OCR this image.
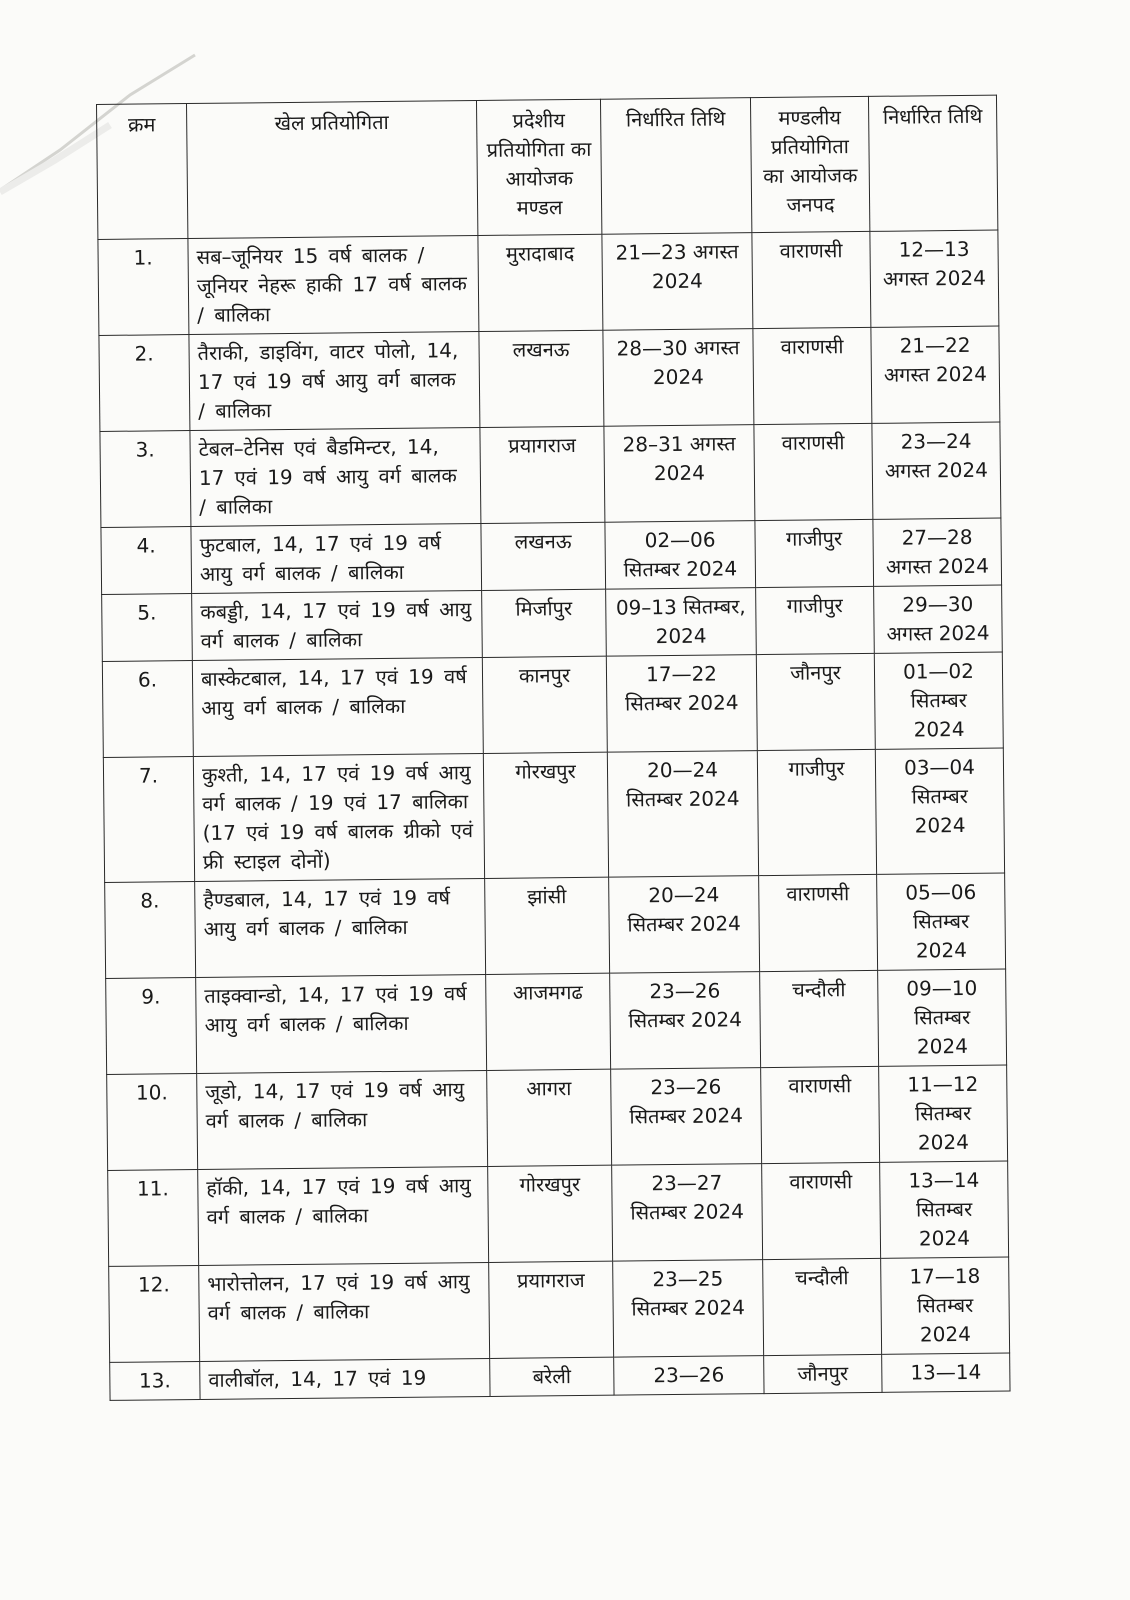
क्रम	खेल प्रतियोगिता	प्रदेशीय प्रतियोगिता का आयोजक मण्डल	निर्धारित तिथि	मण्डलीय प्रतियोगिता का आयोजक जनपद	निर्धारित तिथि
1.	सब–जूनियर 15 वर्ष बालक / जूनियर नेहरू हाकी 17 वर्ष बालक / बालिका	मुरादाबाद	21—23 अगस्त 2024	वाराणसी	12—13 अगस्त 2024
2.	तैराकी, डाइविंग, वाटर पोलो, 14, 17 एवं 19 वर्ष आयु वर्ग बालक / बालिका	लखनऊ	28—30 अगस्त 2024	वाराणसी	21—22 अगस्त 2024
3.	टेबल–टेनिस एवं बैडमिन्टर, 14, 17 एवं 19 वर्ष आयु वर्ग बालक / बालिका	प्रयागराज	28–31 अगस्त 2024	वाराणसी	23—24 अगस्त 2024
4.	फुटबाल, 14, 17 एवं 19 वर्ष आयु वर्ग बालक / बालिका	लखनऊ	02—06 सितम्बर 2024	गाजीपुर	27—28 अगस्त 2024
5.	कबड्डी, 14, 17 एवं 19 वर्ष आयु वर्ग बालक / बालिका	मिर्जापुर	09–13 सितम्बर, 2024	गाजीपुर	29—30 अगस्त 2024
6.	बास्केटबाल, 14, 17 एवं 19 वर्ष आयु वर्ग बालक / बालिका	कानपुर	17—22 सितम्बर 2024	जौनपुर	01—02 सितम्बर 2024
7.	कुश्ती, 14, 17 एवं 19 वर्ष आयु वर्ग बालक / 19 एवं 17 बालिका (17 एवं 19 वर्ष बालक ग्रीको एवं फ्री स्टाइल दोनों)	गोरखपुर	20—24 सितम्बर 2024	गाजीपुर	03—04 सितम्बर 2024
8.	हैण्डबाल, 14, 17 एवं 19 वर्ष आयु वर्ग बालक / बालिका	झांसी	20—24 सितम्बर 2024	वाराणसी	05—06 सितम्बर 2024
9.	ताइक्वान्डो, 14, 17 एवं 19 वर्ष आयु वर्ग बालक / बालिका	आजमगढ	23—26 सितम्बर 2024	चन्दौली	09—10 सितम्बर 2024
10.	जूडो, 14, 17 एवं 19 वर्ष आयु वर्ग बालक / बालिका	आगरा	23—26 सितम्बर 2024	वाराणसी	11—12 सितम्बर 2024
11.	हॉकी, 14, 17 एवं 19 वर्ष आयु वर्ग बालक / बालिका	गोरखपुर	23—27 सितम्बर 2024	वाराणसी	13—14 सितम्बर 2024
12.	भारोत्तोलन, 17 एवं 19 वर्ष आयु वर्ग बालक / बालिका	प्रयागराज	23—25 सितम्बर 2024	चन्दौली	17—18 सितम्बर 2024
13.	वालीबॉल, 14, 17 एवं 19	बरेली	23—26	जौनपुर	13—14
